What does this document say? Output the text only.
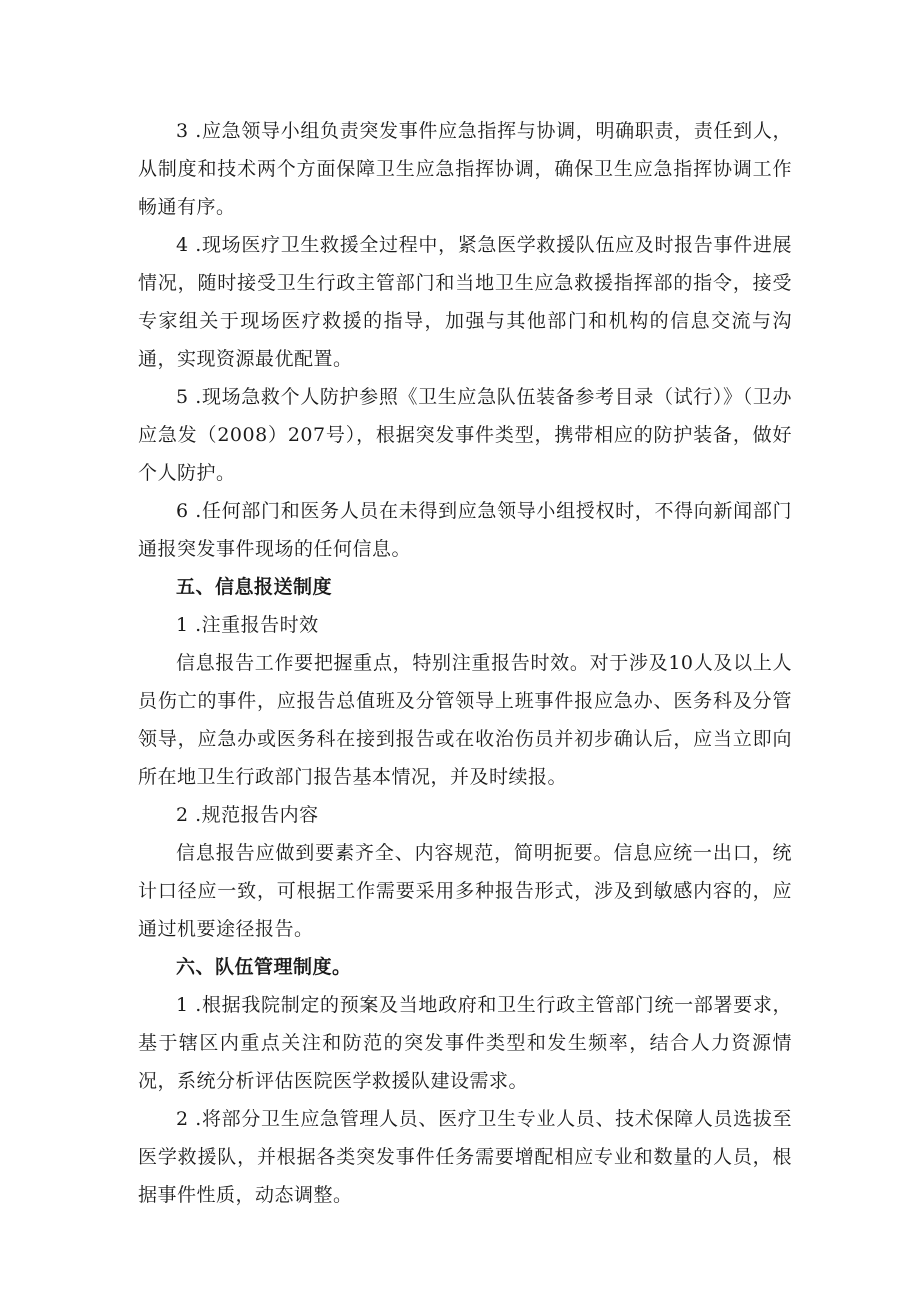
3 .应急领导小组负责突发事件应急指挥与协调，明确职责，责任到人，从制度和技术两个方面保障卫生应急指挥协调，确保卫生应急指挥协调工作畅通有序。

4 .现场医疗卫生救援全过程中，紧急医学救援队伍应及时报告事件进展情况，随时接受卫生行政主管部门和当地卫生应急救援指挥部的指令，接受专家组关于现场医疗救援的指导，加强与其他部门和机构的信息交流与沟通，实现资源最优配置。

5 .现场急救个人防护参照《卫生应急队伍装备参考目录（试行）》（卫办应急发（2008）207号），根据突发事件类型，携带相应的防护装备，做好个人防护。

6 .任何部门和医务人员在未得到应急领导小组授权时，不得向新闻部门通报突发事件现场的任何信息。

五、信息报送制度

1 .注重报告时效

信息报告工作要把握重点，特别注重报告时效。对于涉及10人及以上人员伤亡的事件，应报告总值班及分管领导上班事件报应急办、医务科及分管领导，应急办或医务科在接到报告或在收治伤员并初步确认后，应当立即向所在地卫生行政部门报告基本情况，并及时续报。

2 .规范报告内容

信息报告应做到要素齐全、内容规范，简明扼要。信息应统一出口，统计口径应一致，可根据工作需要采用多种报告形式，涉及到敏感内容的，应通过机要途径报告。

六、队伍管理制度。

1 .根据我院制定的预案及当地政府和卫生行政主管部门统一部署要求，基于辖区内重点关注和防范的突发事件类型和发生频率，结合人力资源情况，系统分析评估医院医学救援队建设需求。

2 .将部分卫生应急管理人员、医疗卫生专业人员、技术保障人员选拔至医学救援队，并根据各类突发事件任务需要增配相应专业和数量的人员，根据事件性质，动态调整。
